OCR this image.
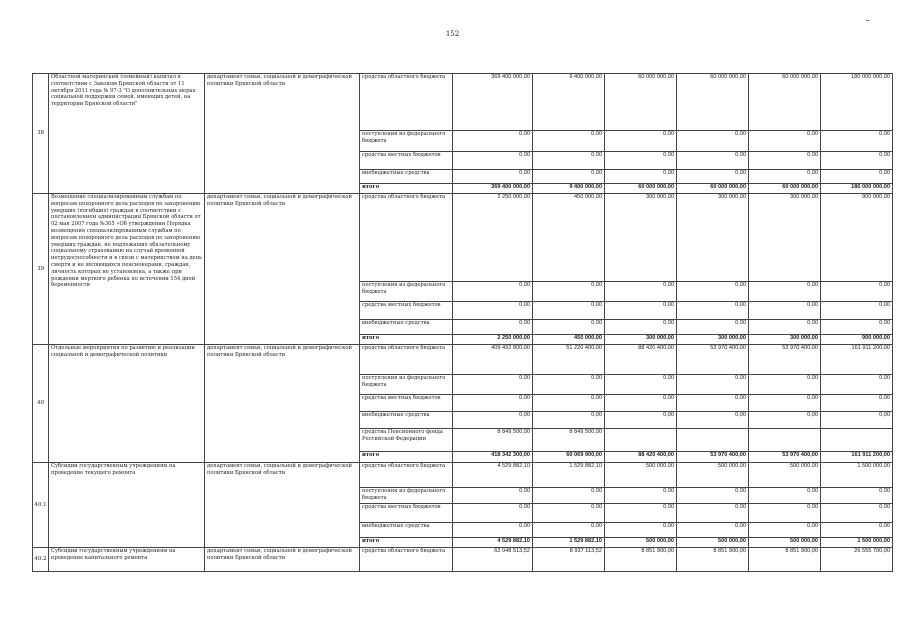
152
38	Областной материнский (семейный) капитал в соответствии с Законом Брянской области от 11 октября 2011 года № 97-3 "О дополнительных мерах социальной поддержки семей, имеющих детей, на территории Брянской области"	департамент семьи, социальной и демографической политики Брянской области	средства областного бюджета	369 400 000,00	9 400 000,00	60 000 000,00	60 000 000,00	60 000 000,00	180 000 000,00
			поступления из федерального бюджета	0,00	0,00	0,00	0,00	0,00	0,00
			средства местных бюджетов	0,00	0,00	0,00	0,00	0,00	0,00
			внебюджетные средства	0,00	0,00	0,00	0,00	0,00	0,00
			итого	369 400 000,00	9 400 000,00	60 000 000,00	60 000 000,00	60 000 000,00	180 000 000,00
39	Возмещение специализированным службам по вопросам похоронного дела расходов по захоронению умерших (погибших) граждан в соответствии с постановлением администрации Брянской области от 02 мая 2007 года №305 «Об утверждении Порядка возмещения специализированным службам по вопросам похоронного дела расходов по захоронению умерших граждан, не подлежащих обязательному социальному страхованию на случай временной нетрудоспособности и в связи с материнством на день смерти и не являющихся пенсионерами, граждан, личность которых не установлена, а также при рождении мертвого ребенка по истечении 154 дней беременности	департамент семьи, социальной и демографической политики Брянской области	средства областного бюджета	2 250 000,00	450 000,00	300 000,00	300 000,00	300 000,00	900 000,00
			поступления из федерального бюджета	0,00	0,00	0,00	0,00	0,00	0,00
			средства местных бюджетов	0,00	0,00	0,00	0,00	0,00	0,00
			внебюджетные средства	0,00	0,00	0,00	0,00	0,00	0,00
			итого	2 250 000,00	450 000,00	300 000,00	300 000,00	300 000,00	900 000,00
40	Отдельные мероприятия по развитию и реализации социальной и демографической политики	департамент семьи, социальной и демографической политики Брянской области	средства областного бюджета	409 492 800,00	51 220 400,00	88 420 400,00	53 970 400,00	53 970 400,00	161 911 200,00
			поступления из федерального бюджета	0,00	0,00	0,00	0,00	0,00	0,00
			средства местных бюджетов	0,00	0,00	0,00	0,00	0,00	0,00
			внебюджетные средства	0,00	0,00	0,00	0,00	0,00	0,00
			средства Пенсионного фонда Российской Федерации	8 849 500,00	8 849 500,00				
			итого	418 342 300,00	60 069 900,00	88 420 400,00	53 970 400,00	53 970 400,00	161 911 200,00
40.1	Субсидии государственным учреждениям на проведение текущего ремонта	департамент семьи, социальной и демографической политики Брянской области	средства областного бюджета	4 529 882,10	1 529 882,10	500 000,00	500 000,00	500 000,00	1 500 000,00
			поступления из федерального бюджета	0,00	0,00	0,00	0,00	0,00	0,00
			средства местных бюджетов	0,00	0,00	0,00	0,00	0,00	0,00
			внебюджетные средства	0,00	0,00	0,00	0,00	0,00	0,00
			итого	4 529 882,10	1 529 882,10	500 000,00	500 000,00	500 000,00	1 500 000,00
40.2	Субсидии государственным учреждениям на проведение капитального ремонта	департамент семьи, социальной и демографической политики Брянской области	средства областного бюджета	62 048 513,52	8 937 113,52	8 851 900,00	8 851 900,00	8 851 900,00	26 555 700,00
